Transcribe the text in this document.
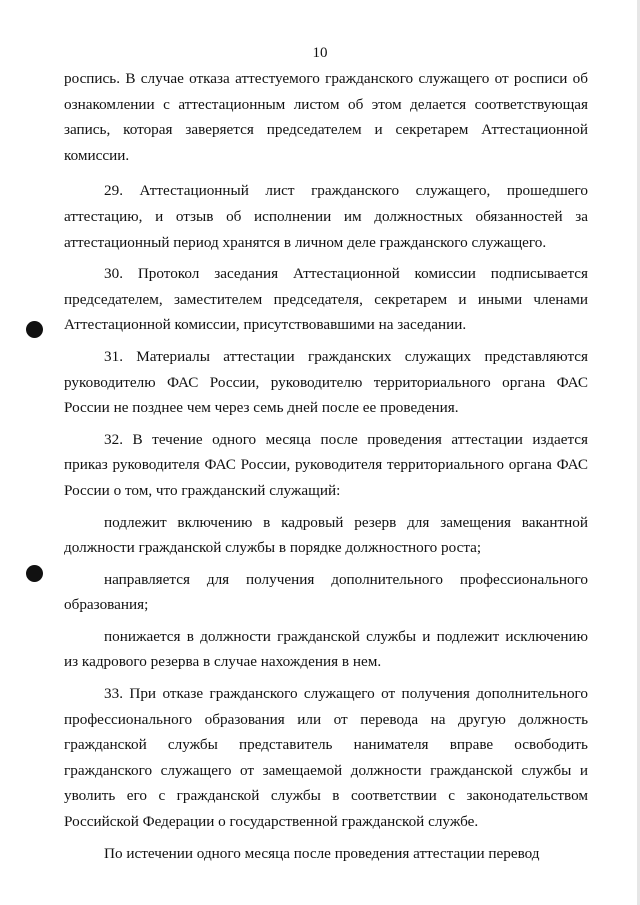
10

роспись. В случае отказа аттестуемого гражданского служащего от росписи об ознакомлении с аттестационным листом об этом делается соответствующая запись, которая заверяется председателем и секретарем Аттестационной комиссии.

29. Аттестационный лист гражданского служащего, прошедшего аттестацию, и отзыв об исполнении им должностных обязанностей за аттестационный период хранятся в личном деле гражданского служащего.

30. Протокол заседания Аттестационной комиссии подписывается председателем, заместителем председателя, секретарем и иными членами Аттестационной комиссии, присутствовавшими на заседании.

31. Материалы аттестации гражданских служащих представляются руководителю ФАС России, руководителю территориального органа ФАС России не позднее чем через семь дней после ее проведения.

32. В течение одного месяца после проведения аттестации издается приказ руководителя ФАС России, руководителя территориального органа ФАС России о том, что гражданский служащий:

подлежит включению в кадровый резерв для замещения вакантной должности гражданской службы в порядке должностного роста;

направляется для получения дополнительного профессионального образования;

понижается в должности гражданской службы и подлежит исключению из кадрового резерва в случае нахождения в нем.

33. При отказе гражданского служащего от получения дополнительного профессионального образования или от перевода на другую должность гражданской службы представитель нанимателя вправе освободить гражданского служащего от замещаемой должности гражданской службы и уволить его с гражданской службы в соответствии с законодательством Российской Федерации о государственной гражданской службе.

По истечении одного месяца после проведения аттестации перевод
